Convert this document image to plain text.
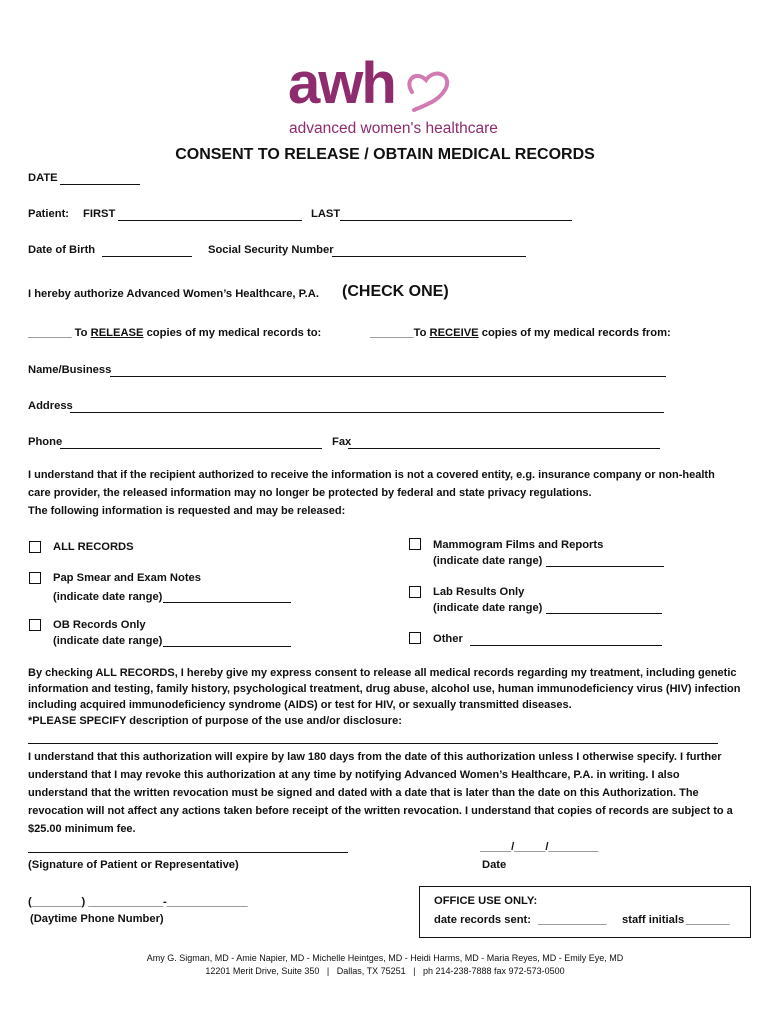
awh
advanced women's healthcare
CONSENT TO RELEASE / OBTAIN MEDICAL RECORDS
DATE
Patient: FIRST	LAST
Date of Birth	Social Security Number
I hereby authorize Advanced Women’s Healthcare, P.A. (CHECK ONE)
_______ To RELEASE copies of my medical records to:	_______To RECEIVE copies of my medical records from:
Name/Business
Address
Phone	Fax
I understand that if the recipient authorized to receive the information is not a covered entity, e.g. insurance company or non-health
care provider, the released information may no longer be protected by federal and state privacy regulations.
The following information is requested and may be released:
ALL RECORDS
Pap Smear and Exam Notes
(indicate date range)
OB Records Only
(indicate date range)
Mammogram Films and Reports
(indicate date range)
Lab Results Only
(indicate date range)
Other
By checking ALL RECORDS, I hereby give my express consent to release all medical records regarding my treatment, including genetic
information and testing, family history, psychological treatment, drug abuse, alcohol use, human immunodeficiency virus (HIV) infection
including acquired immunodeficiency syndrome (AIDS) or test for HIV, or sexually transmitted diseases.
*PLEASE SPECIFY description of purpose of the use and/or disclosure:
I understand that this authorization will expire by law 180 days from the date of this authorization unless I otherwise specify. I further
understand that I may revoke this authorization at any time by notifying Advanced Women’s Healthcare, P.A. in writing. I also
understand that the written revocation must be signed and dated with a date that is later than the date on this Authorization. The
revocation will not affect any actions taken before receipt of the written revocation. I understand that copies of records are subject to a
$25.00 minimum fee.
(Signature of Patient or Representative)
_____/_____/________
Date
(________) ____________-_____________
(Daytime Phone Number)
OFFICE USE ONLY:
date records sent: ___________ staff initials _______
Amy G. Sigman, MD - Amie Napier, MD - Michelle Heintges, MD - Heidi Harms, MD - Maria Reyes, MD - Emily Eye, MD
12201 Merit Drive, Suite 350   |   Dallas, TX 75251   |   ph 214-238-7888 fax 972-573-0500
